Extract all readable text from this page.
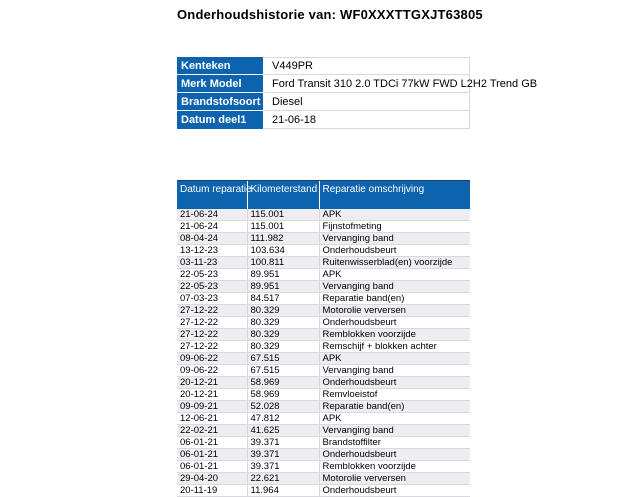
Onderhoudshistorie van: WF0XXXTTGXJT63805
Kenteken	V449PR
Merk Model	Ford Transit 310 2.0 TDCi 77kW FWD L2H2 Trend GB
Brandstofsoort	Diesel
Datum deel1	21-06-18
Datum reparatie	Kilometerstand	Reparatie omschrijving
21-06-24	115.001	APK
21-06-24	115.001	Fijnstofmeting
08-04-24	111.982	Vervanging band
13-12-23	103.634	Onderhoudsbeurt
03-11-23	100.811	Ruitenwisserblad(en) voorzijde
22-05-23	89.951	APK
22-05-23	89.951	Vervanging band
07-03-23	84.517	Reparatie band(en)
27-12-22	80.329	Motorolie verversen
27-12-22	80.329	Onderhoudsbeurt
27-12-22	80.329	Remblokken voorzijde
27-12-22	80.329	Remschijf + blokken achter
09-06-22	67.515	APK
09-06-22	67.515	Vervanging band
20-12-21	58.969	Onderhoudsbeurt
20-12-21	58.969	Remvloeistof
09-09-21	52.028	Reparatie band(en)
12-06-21	47.812	APK
22-02-21	41.625	Vervanging band
06-01-21	39.371	Brandstoffilter
06-01-21	39.371	Onderhoudsbeurt
06-01-21	39.371	Remblokken voorzijde
29-04-20	22.621	Motorolie verversen
20-11-19	11.964	Onderhoudsbeurt
